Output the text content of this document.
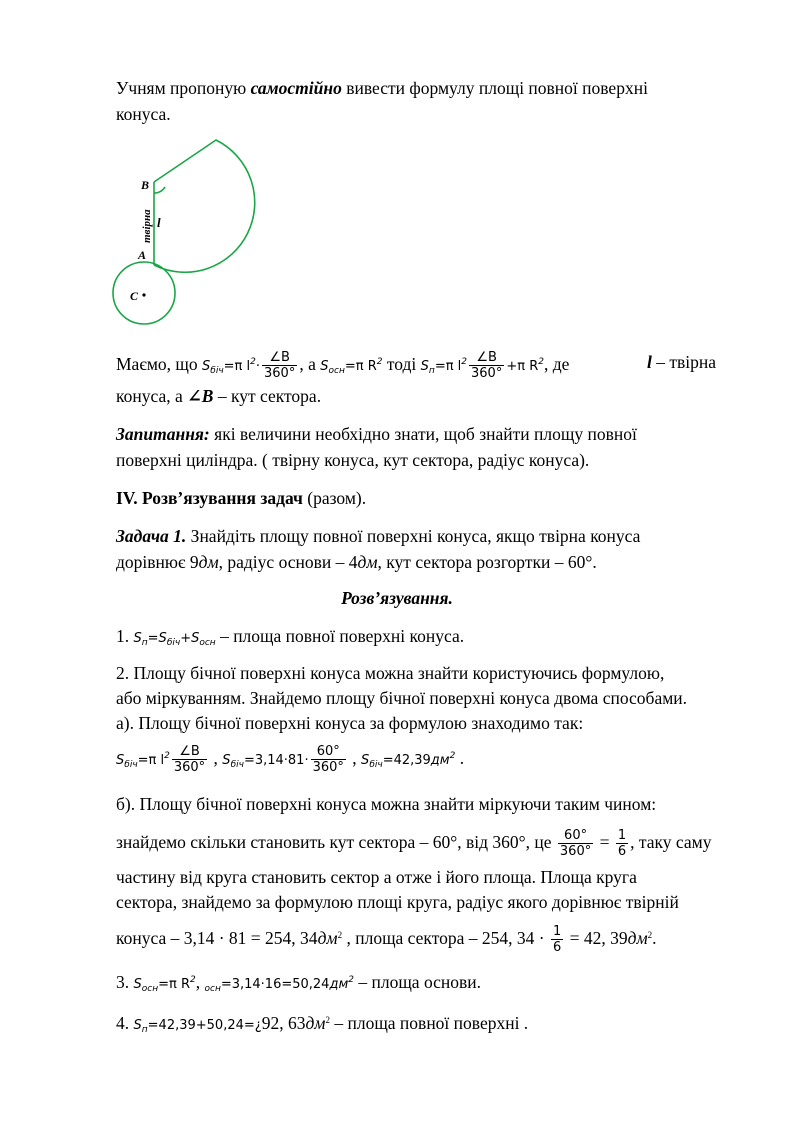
Учням пропоную самостійно вивести формулу площі повної поверхні
конуса.
B
A
l
твірна
C
Маємо, що $S_{біч}=\pi$ $l^2\cdot \frac{\angle B}{360^\circ}$ , а $S_{осн}=\pi$ $R^2$ тоді $S_п=\pi$ $l^2 \frac{\angle B}{360^\circ} +\pi$ $R^2$, де	l – твірна
конуса, а ∠B – кут сектора.
Запитання: які величини необхідно знати, щоб знайти площу повної
поверхні циліндра. ( твірну конуса, кут сектора, радіус конуса).
IV. Розв’язування задач (разом).
Задача 1. Знайдіть площу повної поверхні конуса, якщо твірна конуса
дорівнює 9дм, радіус основи – 4дм, кут сектора розгортки – 60°.
Розв’язування.
1. $S_п=S_{біч}+S_{осн}$ – площа повної поверхні конуса.
2. Площу бічної поверхні конуса можна знайти користуючись формулою,
або міркуванням. Знайдемо площу бічної поверхні конуса двома способами.
а). Площу бічної поверхні конуса за формулою знаходимо так:
$S_{біч}=\pi$ $l^2 \frac{\angle B}{360^\circ}$ , $S_{біч}=3,14\cdot 81\cdot \frac{60^\circ}{360^\circ}$ , $S_{біч}=42,39дм^2$ .
б). Площу бічної поверхні конуса можна знайти міркуючи таким чином:
знайдемо скільки становить кут сектора – 60°, від 360°, це $\frac{60^\circ}{360^\circ} = \frac{1}{6}$ , таку саму
частину від круга становить сектор а отже і його площа. Площа круга
сектора, знайдемо за формулою площі круга, радіус якого дорівнює твірній
конуса – 3,14 · 81 = 254, $34дм^2$ , площа сектора – 254, $34 \cdot \frac{1}{6} = 42$, $39дм^2$.
3. $S_{осн}=\pi$ $R^2$, $_{осн}=3,14\cdot 16=50,24дм^2$ – площа основи.
4. $S_п=42,39+50,24=¿92$, $63дм^2$ – площа повної поверхні .
